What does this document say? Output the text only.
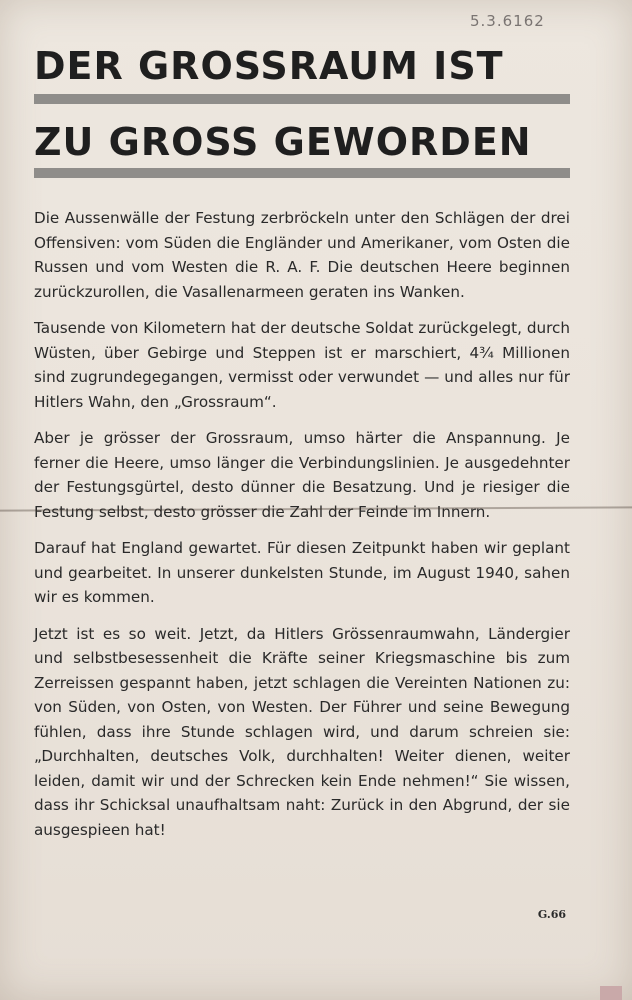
5.3.6162
DER GROSSRAUM IST
ZU GROSS GEWORDEN

Die Aussenwälle der Festung zerbröckeln unter den Schlägen der drei Offensiven: vom Süden die Engländer und Amerikaner, vom Osten die Russen und vom Westen die R. A. F. Die deutschen Heere beginnen zurückzurollen, die Vasallenarmeen geraten ins Wanken.

Tausende von Kilometern hat der deutsche Soldat zurückgelegt, durch Wüsten, über Gebirge und Steppen ist er marschiert, 4¾ Millionen sind zugrundegegangen, vermisst oder verwundet — und alles nur für Hitlers Wahn, den „Grossraum“.

Aber je grösser der Grossraum, umso härter die Anspannung. Je ferner die Heere, umso länger die Verbindungslinien. Je ausgedehnter der Festungsgürtel, desto dünner die Besatzung. Und je riesiger die Festung selbst, desto grösser die Zahl der Feinde im Innern.

Darauf hat England gewartet. Für diesen Zeitpunkt haben wir geplant und gearbeitet. In unserer dunkelsten Stunde, im August 1940, sahen wir es kommen.

Jetzt ist es so weit. Jetzt, da Hitlers Grössenraumwahn, Ländergier und selbstbesessenheit die Kräfte seiner Kriegsmaschine bis zum Zerreissen gespannt haben, jetzt schlagen die Vereinten Nationen zu: von Süden, von Osten, von Westen. Der Führer und seine Bewegung fühlen, dass ihre Stunde schlagen wird, und darum schreien sie: „Durchhalten, deutsches Volk, durchhalten! Weiter dienen, weiter leiden, damit wir und der Schrecken kein Ende nehmen!“ Sie wissen, dass ihr Schicksal unaufhaltsam naht: Zurück in den Abgrund, der sie ausgespieen hat!

G.66
